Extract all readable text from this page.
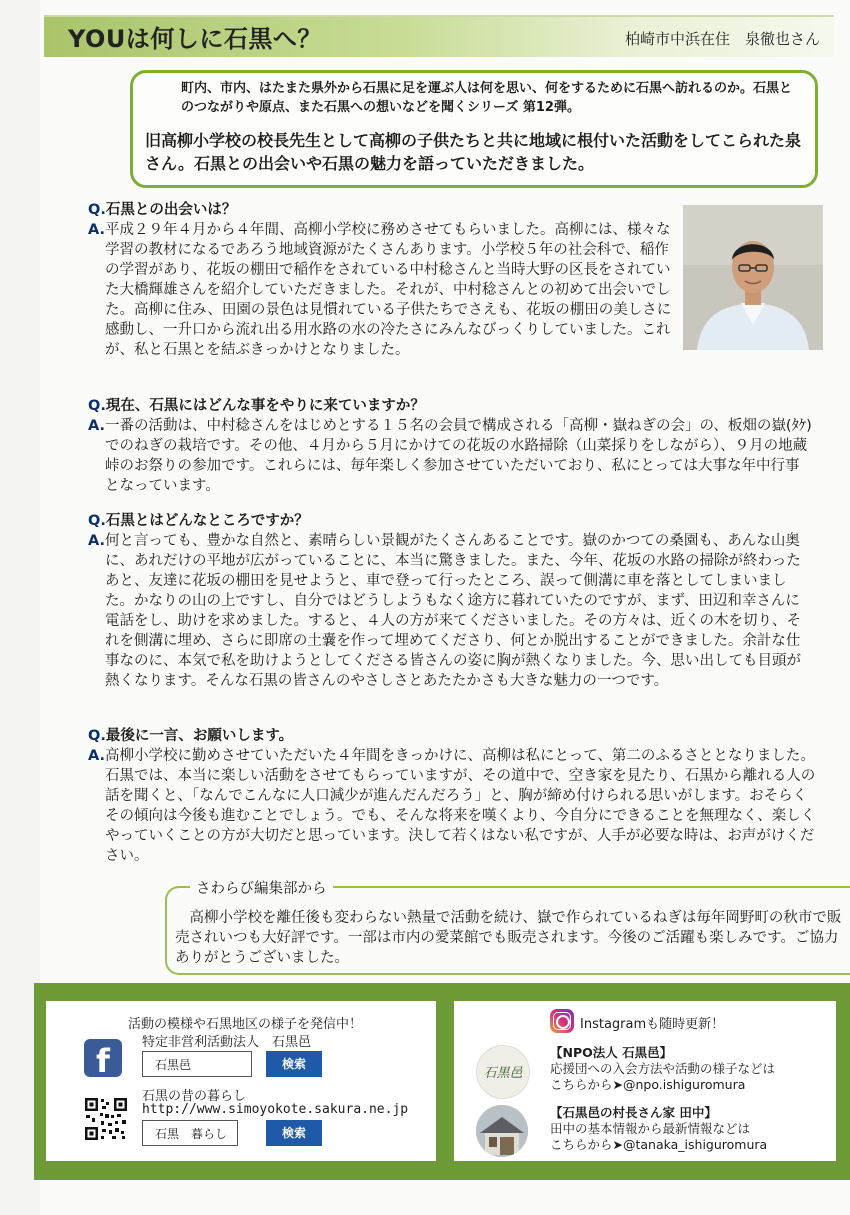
YOUは何しに石黒へ？	柏崎市中浜在住　泉徹也さん
町内、市内、はたまた県外から石黒に足を運ぶ人は何を思い、何をするために石黒へ訪れるのか。石黒とのつながりや原点、また石黒への想いなどを聞くシリーズ 第12弾。
旧高柳小学校の校長先生として高柳の子供たちと共に地域に根付いた活動をしてこられた泉さん。石黒との出会いや石黒の魅力を語っていただきました。

Q.石黒との出会いは？

A. 平成２９年４月から４年間、高柳小学校に務めさせてもらいました。高柳には、様々な学習の教材になるであろう地域資源がたくさんあります。小学校５年の社会科で、稲作の学習があり、花坂の棚田で稲作をされている中村稔さんと当時大野の区長をされていた大橋輝雄さんを紹介していただきました。それが、中村稔さんとの初めて出会いでした。高柳に住み、田園の景色は見慣れている子供たちでさえも、花坂の棚田の美しさに感動し、一升口から流れ出る用水路の水の冷たさにみんなびっくりしていました。これが、私と石黒とを結ぶきっかけとなりました。

Q.現在、石黒にはどんな事をやりに来ていますか？

A. 一番の活動は、中村稔さんをはじめとする１５名の会員で構成される「高柳・嶽ねぎの会」の、板畑の嶽(ﾀｹ)でのねぎの栽培です。その他、４月から５月にかけての花坂の水路掃除（山菜採りをしながら）、９月の地蔵峠のお祭りの参加です。これらには、毎年楽しく参加させていただいており、私にとっては大事な年中行事となっています。

Q.石黒とはどんなところですか？

A. 何と言っても、豊かな自然と、素晴らしい景観がたくさんあることです。嶽のかつての桑園も、あんな山奥に、あれだけの平地が広がっていることに、本当に驚きました。また、今年、花坂の水路の掃除が終わったあと、友達に花坂の棚田を見せようと、車で登って行ったところ、誤って側溝に車を落としてしまいました。かなりの山の上ですし、自分ではどうしようもなく途方に暮れていたのですが、まず、田辺和幸さんに電話をし、助けを求めました。すると、４人の方が来てくださいました。その方々は、近くの木を切り、それを側溝に埋め、さらに即席の土嚢を作って埋めてくださり、何とか脱出することができました。余計な仕事なのに、本気で私を助けようとしてくださる皆さんの姿に胸が熱くなりました。今、思い出しても目頭が熱くなります。そんな石黒の皆さんのやさしさとあたたかさも大きな魅力の一つです。

Q.最後に一言、お願いします。

A. 高柳小学校に勤めさせていただいた４年間をきっかけに、高柳は私にとって、第二のふるさととなりました。石黒では、本当に楽しい活動をさせてもらっていますが、その道中で、空き家を見たり、石黒から離れる人の話を聞くと、「なんでこんなに人口減少が進んだんだろう」と、胸が締め付けられる思いがします。おそらくその傾向は今後も進むことでしょう。でも、そんな将来を嘆くより、今自分にできることを無理なく、楽しくやっていくことの方が大切だと思っています。決して若くはない私ですが、人手が必要な時は、お声がけください。
高柳小学校を離任後も変わらない熱量で活動を続け、嶽で作られているねぎは毎年岡野町の秋市で販売されいつも大好評です。一部は市内の愛菜館でも販売されます。今後のご活躍も楽しみです。ご協力ありがとうございました。
さわらび編集部から
活動の模様や石黒地区の様子を発信中！
f	特定非営利活動法人　石黒邑
石黒邑	検索
石黒の昔の暮らし
http://www.simoyokote.sakura.ne.jp
石黒　暮らし	検索
Instagramも随時更新！
石黒邑
【NPO法人 石黒邑】
応援団への入会方法や活動の様子などは
こちらから➤@npo.ishiguromura
【石黒邑の村長さん家 田中】
田中の基本情報から最新情報などは
こちらから➤@tanaka_ishiguromura
